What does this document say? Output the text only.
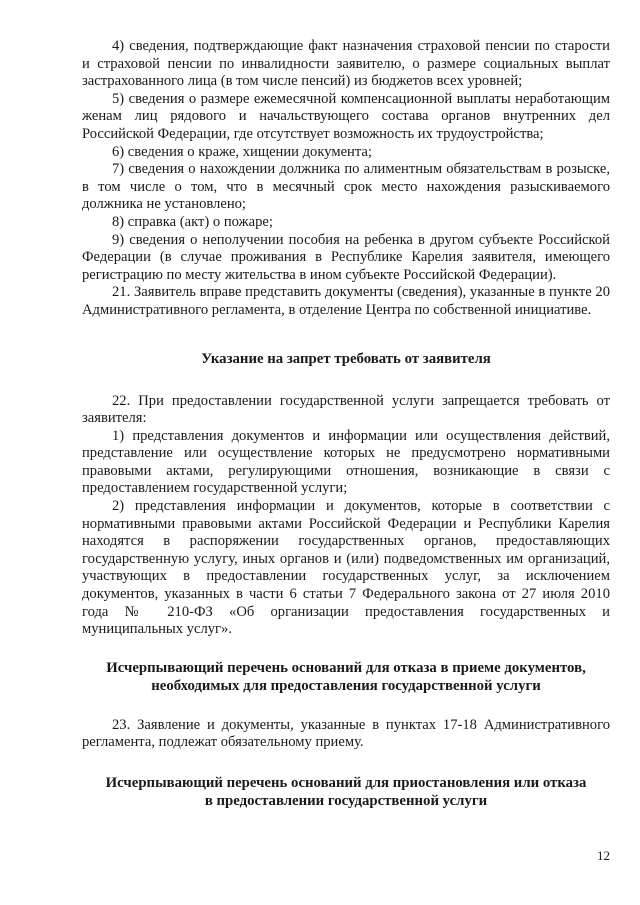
4) сведения, подтверждающие факт назначения страховой пенсии по старости и страховой пенсии по инвалидности заявителю, о размере социальных выплат застрахованного лица (в том числе пенсий) из бюджетов всех уровней;

5) сведения о размере ежемесячной компенсационной выплаты неработающим женам лиц рядового и начальствующего состава органов внутренних дел Российской Федерации, где отсутствует возможность их трудоустройства;

6) сведения о краже, хищении документа;

7) сведения о нахождении должника по алиментным обязательствам в розыске, в том числе о том, что в месячный срок место нахождения разыскиваемого должника не установлено;

8) справка (акт) о пожаре;

9) сведения о неполучении пособия на ребенка в другом субъекте Российской Федерации (в случае проживания в Республике Карелия заявителя, имеющего регистрацию по месту жительства в ином субъекте Российской Федерации).

21. Заявитель вправе представить документы (сведения), указанные в пункте 20 Административного регламента, в отделение Центра по собственной инициативе.

Указание на запрет требовать от заявителя

22. При предоставлении государственной услуги запрещается требовать от заявителя:

1) представления документов и информации или осуществления действий, представление или осуществление которых не предусмотрено нормативными правовыми актами, регулирующими отношения, возникающие в связи с предоставлением государственной услуги;

2) представления информации и документов, которые в соответствии с нормативными правовыми актами Российской Федерации и Республики Карелия находятся в распоряжении государственных органов, предоставляющих государственную услугу, иных органов и (или) подведомственных им организаций, участвующих в предоставлении государственных услуг, за исключением документов, указанных в части 6 статьи 7 Федерального закона от 27 июля 2010 года № 210-ФЗ «Об организации предоставления государственных и муниципальных услуг».

Исчерпывающий перечень оснований для отказа в приеме документов,

необходимых для предоставления государственной услуги

23. Заявление и документы, указанные в пунктах 17-18 Административного регламента, подлежат обязательному приему.

Исчерпывающий перечень оснований для приостановления или отказа

в предоставлении государственной услуги

12
